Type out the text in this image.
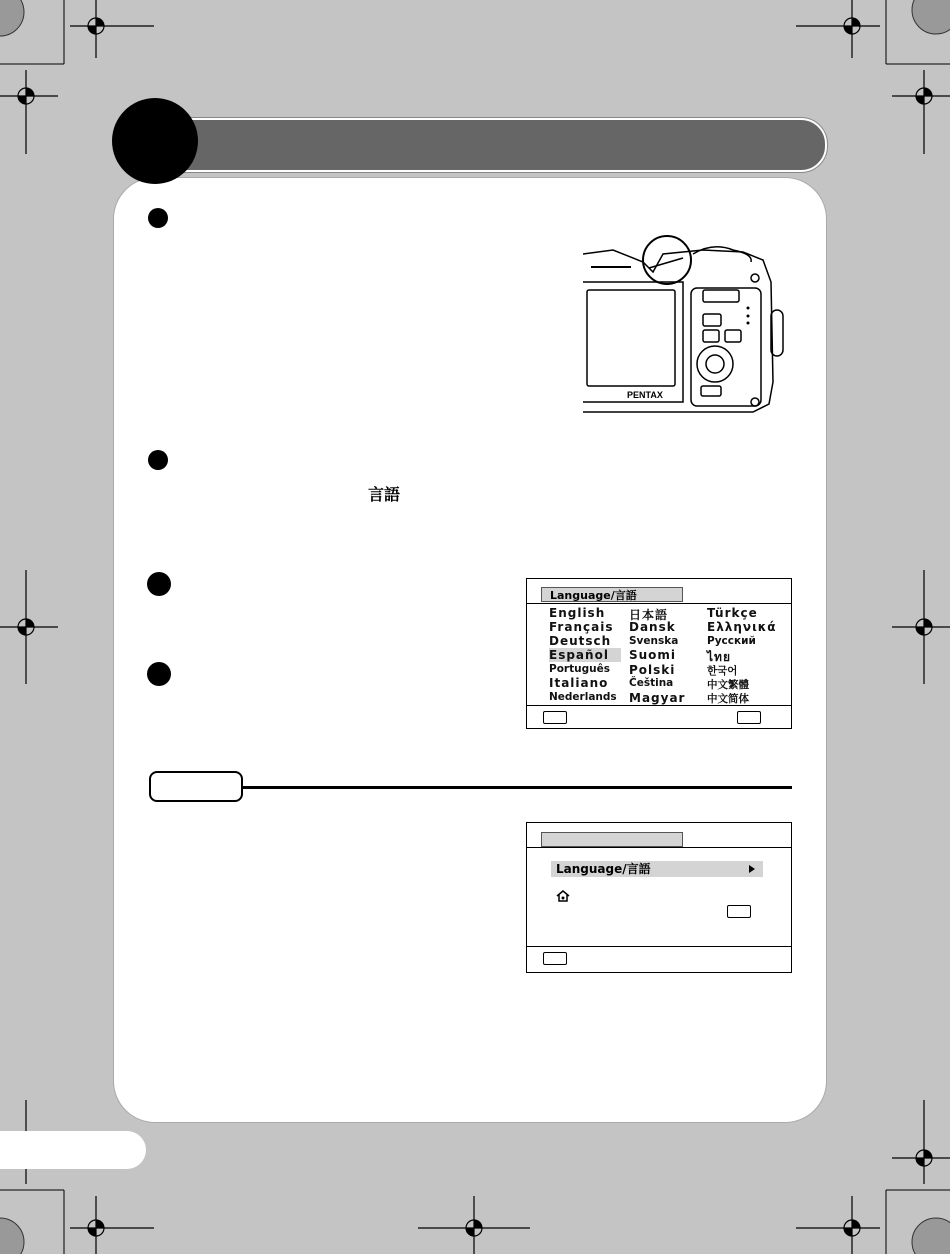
言語
PENTAX
Language/言語
English
Français
Deutsch
Español
Português
Italiano
Nederlands
日本語
Dansk
Svenska
Suomi
Polski
Čeština
Magyar
Türkçe
Ελληνικά
Русский
ไทย
한국어
中文繁體
中文简体
Language/言語
